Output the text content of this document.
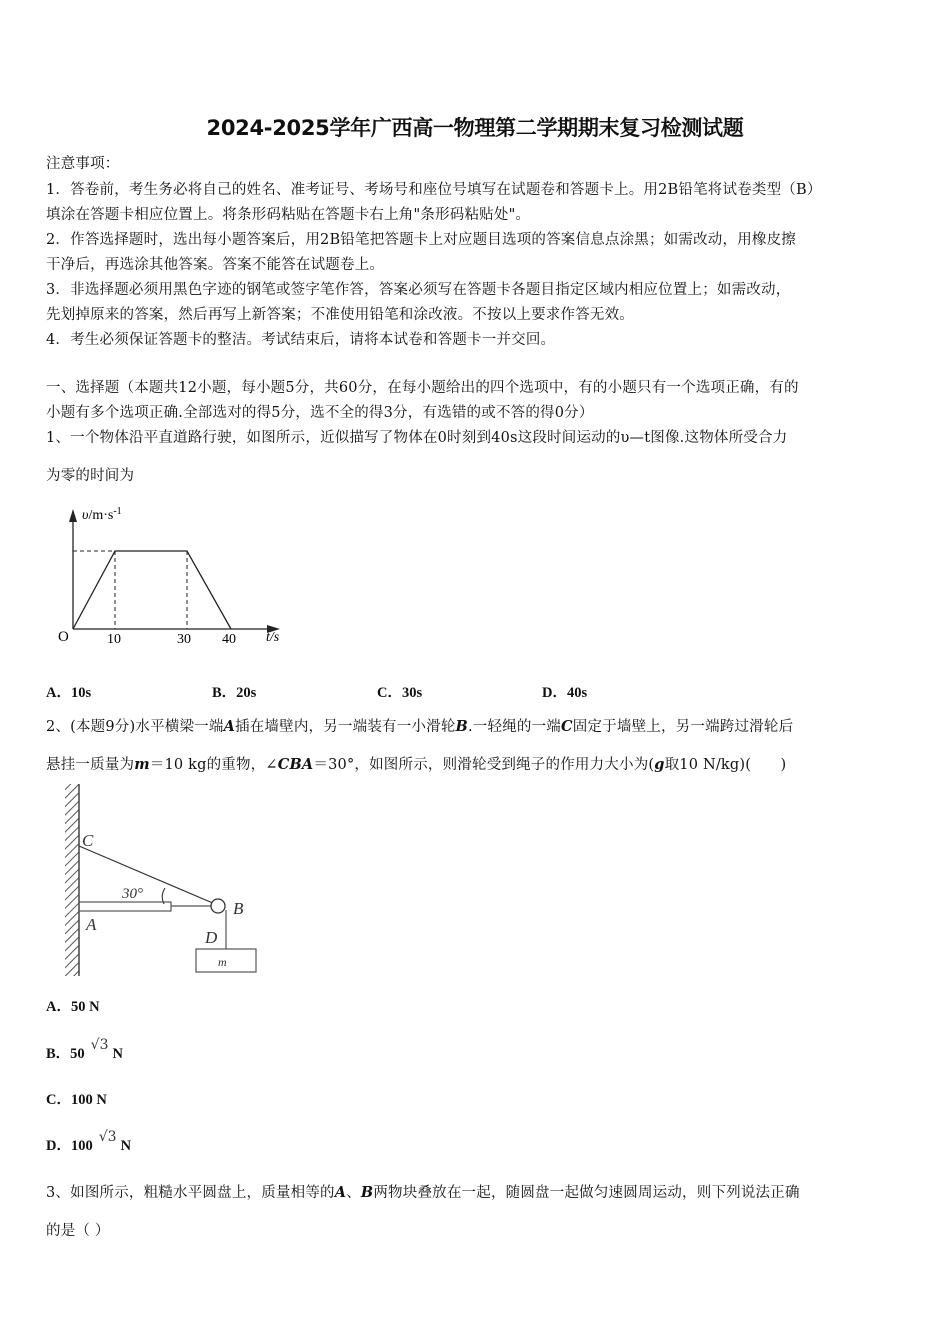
2024-2025学年广西高一物理第二学期期末复习检测试题
注意事项：
1．答卷前，考生务必将自己的姓名、准考证号、考场号和座位号填写在试题卷和答题卡上。用2B铅笔将试卷类型（B）
填涂在答题卡相应位置上。将条形码粘贴在答题卡右上角"条形码粘贴处"。
2．作答选择题时，选出每小题答案后，用2B铅笔把答题卡上对应题目选项的答案信息点涂黑；如需改动，用橡皮擦
干净后，再选涂其他答案。答案不能答在试题卷上。
3．非选择题必须用黑色字迹的钢笔或签字笔作答，答案必须写在答题卡各题目指定区域内相应位置上；如需改动，
先划掉原来的答案，然后再写上新答案；不准使用铅笔和涂改液。不按以上要求作答无效。
4．考生必须保证答题卡的整洁。考试结束后，请将本试卷和答题卡一并交回。
一、选择题（本题共12小题，每小题5分，共60分，在每小题给出的四个选项中，有的小题只有一个选项正确，有的
小题有多个选项正确.全部选对的得5分，选不全的得3分，有选错的或不答的得0分）
1、一个物体沿平直道路行驶，如图所示，近似描写了物体在0时刻到40s这段时间运动的υ—t图像.这物体所受合力
为零的时间为
$\upsilon/m\cdot s^{-1}$
O	10	30 40 t/s
A．10s	B．20s	C．30s	D．40s
2、(本题9分)水平横梁一端A插在墙壁内，另一端装有一小滑轮B.一轻绳的一端C固定于墙壁上，另一端跨过滑轮后
悬挂一质量为m＝10 kg的重物，∠CBA＝30°，如图所示，则滑轮受到绳子的作用力大小为(g取10 N/kg)(　　)
C
30°
A
B
D
m
A．50 N
B．50√3N
C．100 N
D．100√3N
3、如图所示，粗糙水平圆盘上，质量相等的A、B两物块叠放在一起，随圆盘一起做匀速圆周运动，则下列说法正确
的是（ ）
